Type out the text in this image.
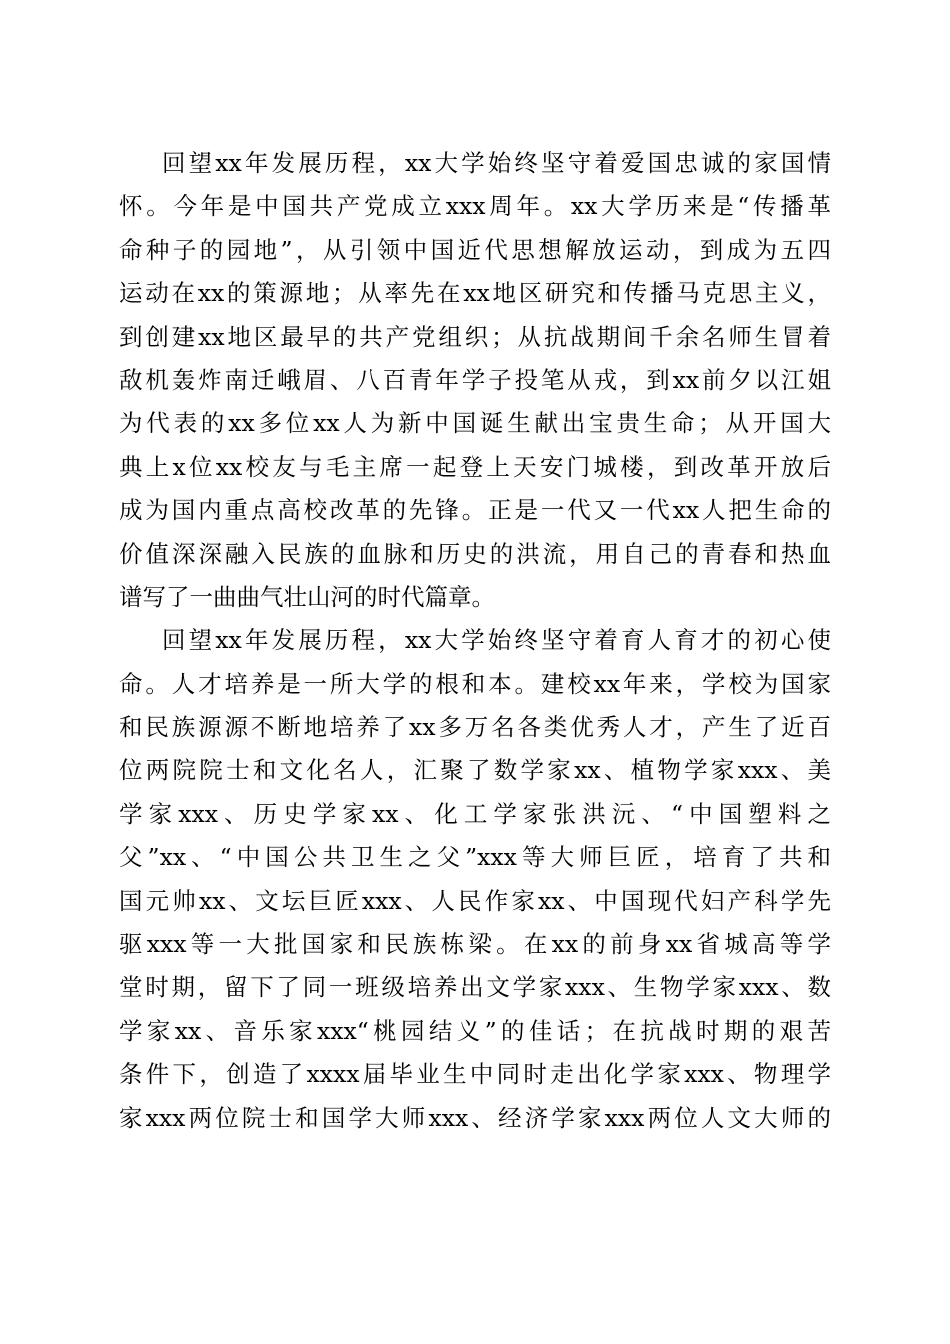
回望xx年发展历程，xx大学始终坚守着爱国忠诚的家国情
怀。今年是中国共产党成立xxx周年。xx大学历来是“传播革
命种子的园地”，从引领中国近代思想解放运动，到成为五四
运动在xx的策源地；从率先在xx地区研究和传播马克思主义，
到创建xx地区最早的共产党组织；从抗战期间千余名师生冒着
敌机轰炸南迁峨眉、八百青年学子投笔从戎，到xx前夕以江姐
为代表的xx多位xx人为新中国诞生献出宝贵生命；从开国大
典上x位xx校友与毛主席一起登上天安门城楼，到改革开放后
成为国内重点高校改革的先锋。正是一代又一代xx人把生命的
价值深深融入民族的血脉和历史的洪流，用自己的青春和热血
谱写了一曲曲气壮山河的时代篇章。
回望xx年发展历程，xx大学始终坚守着育人育才的初心使
命。人才培养是一所大学的根和本。建校xx年来，学校为国家
和民族源源不断地培养了xx多万名各类优秀人才，产生了近百
位两院院士和文化名人，汇聚了数学家xx、植物学家xxx、美
学家xxx、历史学家xx、化工学家张洪沅、“中国塑料之
父”xx、“中国公共卫生之父”xxx等大师巨匠，培育了共和
国元帅xx、文坛巨匠xxx、人民作家xx、中国现代妇产科学先
驱xxx等一大批国家和民族栋梁。在xx的前身xx省城高等学
堂时期，留下了同一班级培养出文学家xxx、生物学家xxx、数
学家xx、音乐家xxx“桃园结义”的佳话；在抗战时期的艰苦
条件下，创造了xxxx届毕业生中同时走出化学家xxx、物理学
家xxx两位院士和国学大师xxx、经济学家xxx两位人文大师的
